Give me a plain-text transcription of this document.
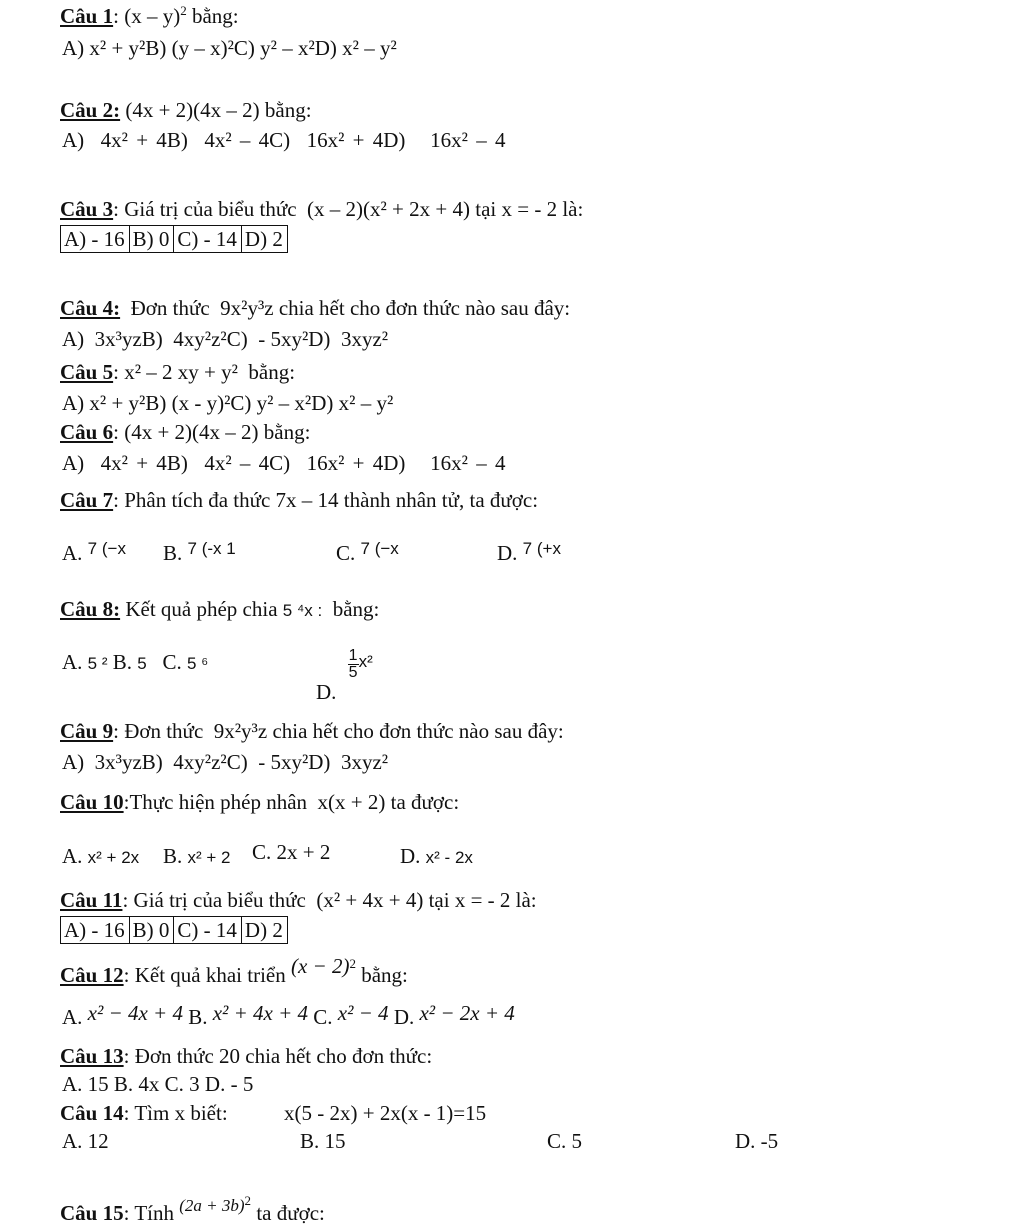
Câu 1: (x – y)$^2$ bằng:
A) x² + y²B) (y – x)²C) y² – x²D) x² – y²
Câu 2: (4x + 2)(4x – 2) bằng:
A) 4x² + 4B) 4x² – 4C) 16x² + 4D) 16x² – 4
Câu 3: Giá trị của biểu thức (x – 2)(x² + 2x + 4) tại x = - 2 là:
A) - 16	B) 0	C) - 14	D) 2
Câu 4: Đơn thức 9x²y³z chia hết cho đơn thức nào sau đây:
A) 3x³yzB) 4xy²z²C) - 5xy²D) 3xyz²
Câu 5: x² – 2 xy + y² bằng:
A) x² + y²B) (x - y)²C) y² – x²D) x² – y²
Câu 6: (4x + 2)(4x – 2) bằng:
A) 4x² + 4B) 4x² – 4C) 16x² + 4D) 16x² – 4
Câu 7: Phân tích đa thức 7x – 14 thành nhân tử, ta được:
A. $^{7 (-x}$ B. $^{7 (-x 1}$	C. $^{7 (-x}$	D. $^{7 (+x}$
Câu 8: Kết quả phép chia 5 ⁴x : bằng:
A. 5 ² B. 5 C. 5 ⁶
D.
$\frac{1}{5} x^2$
Câu 9: Đơn thức 9x²y³z chia hết cho đơn thức nào sau đây:
A) 3x³yzB) 4xy²z²C) - 5xy²D) 3xyz²
Câu 10:Thực hiện phép nhân x(x + 2) ta được:
A. x² + 2x B. x² + 2 C. 2x + 2	D. x² - 2x
Câu 11: Giá trị của biểu thức (x² + 4x + 4) tại x = - 2 là:
A) - 16	B) 0	C) - 14	D) 2
Câu 12: Kết quả khai triển $(x - 2)^2$ bằng:
A. x² − 4x + 4 B. x² + 4x + 4 C. x² − 4 D. x² − 2x + 4
Câu 13: Đơn thức 20 chia hết cho đơn thức:
A. 15 B. 4x C. 3 D. - 5
Câu 14: Tìm x biết:	x(5 - 2x) + 2x(x - 1)=15
A. 12	B. 15	C. 5	D. -5
Câu 15: Tính $^{(2a + 3b)2}$ ta được:
